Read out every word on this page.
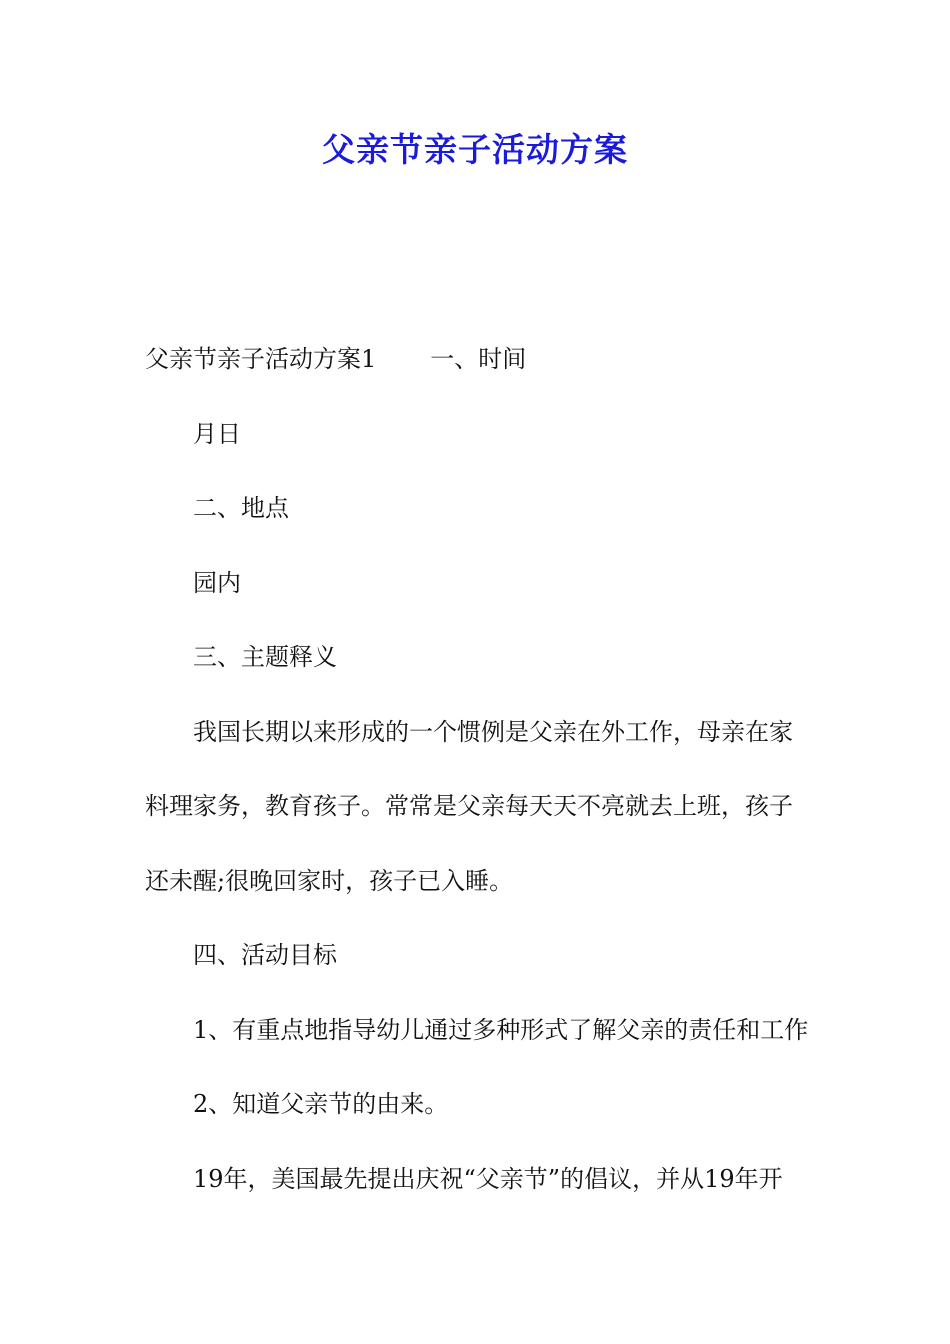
父亲节亲子活动方案
父亲节亲子活动方案1 一、时间
月日
二、地点
园内
三、主题释义
我国长期以来形成的一个惯例是父亲在外工作，母亲在家
料理家务，教育孩子。常常是父亲每天天不亮就去上班，孩子
还未醒;很晚回家时，孩子已入睡。
四、活动目标
1、有重点地指导幼儿通过多种形式了解父亲的责任和工作
2、知道父亲节的由来。
19年，美国最先提出庆祝“父亲节”的倡议，并从19年开
